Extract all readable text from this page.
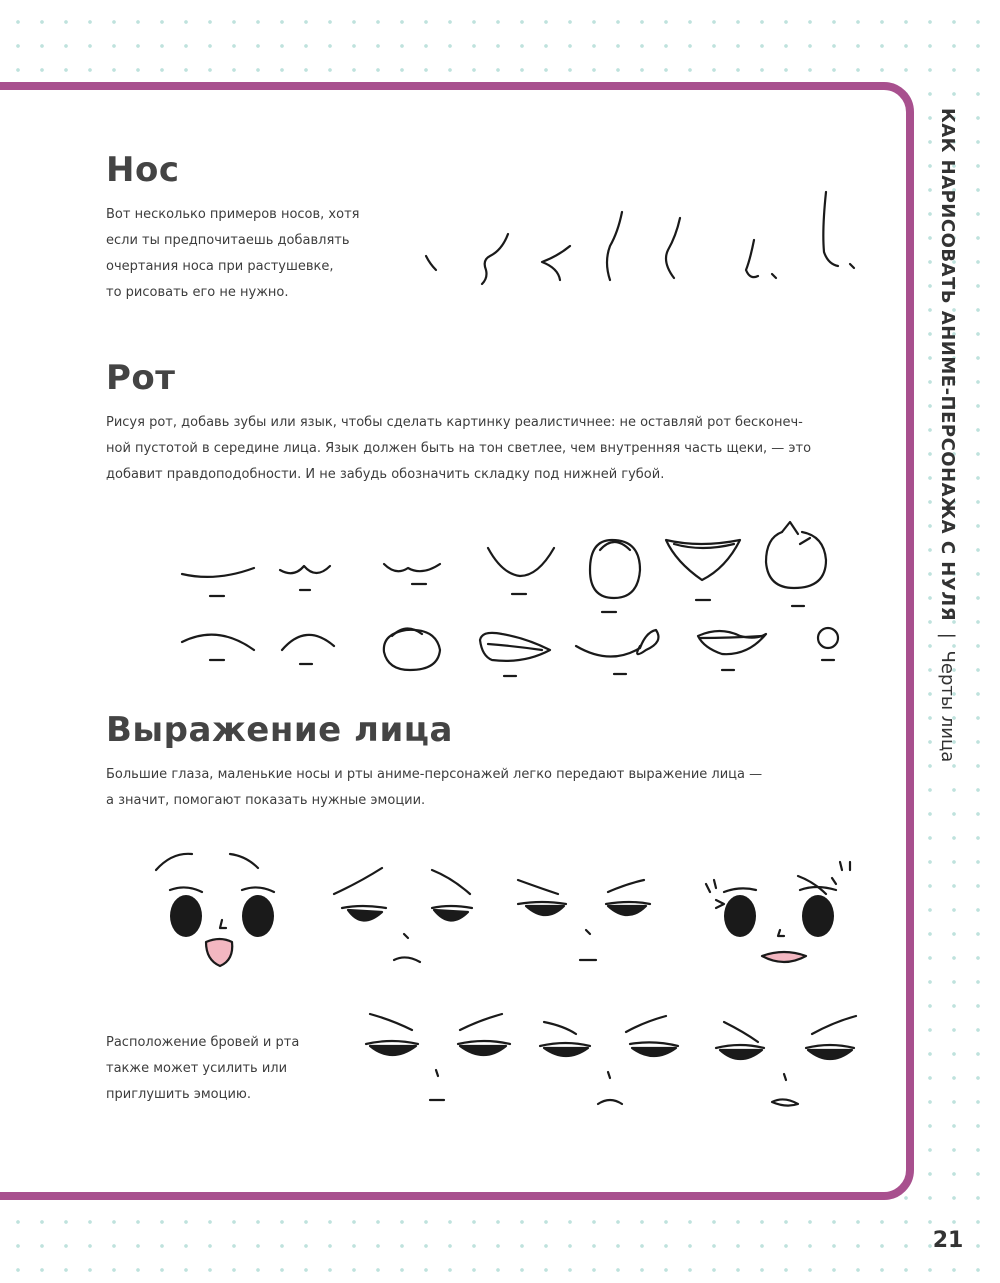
Нос

Вот несколько примеров носов, хотя
если ты предпочитаешь добавлять
очертания носа при растушевке,
то рисовать его не нужно.

Рот

Рисуя рот, добавь зубы или язык, чтобы сделать картинку реалистичнее: не оставляй рот бесконеч-
ной пустотой в середине лица. Язык должен быть на тон светлее, чем внутренняя часть щеки, — это
добавит правдоподобности. И не забудь обозначить складку под нижней губой.

Выражение лица

Большие глаза, маленькие носы и рты аниме-персонажей легко передают выражение лица —
а значит, помогают показать нужные эмоции.

Расположение бровей и рта
также может усилить или
приглушить эмоцию.

КАК НАРИСОВАТЬ АНИМЕ-ПЕРСОНАЖА С НУЛЯ | Черты лица
21
